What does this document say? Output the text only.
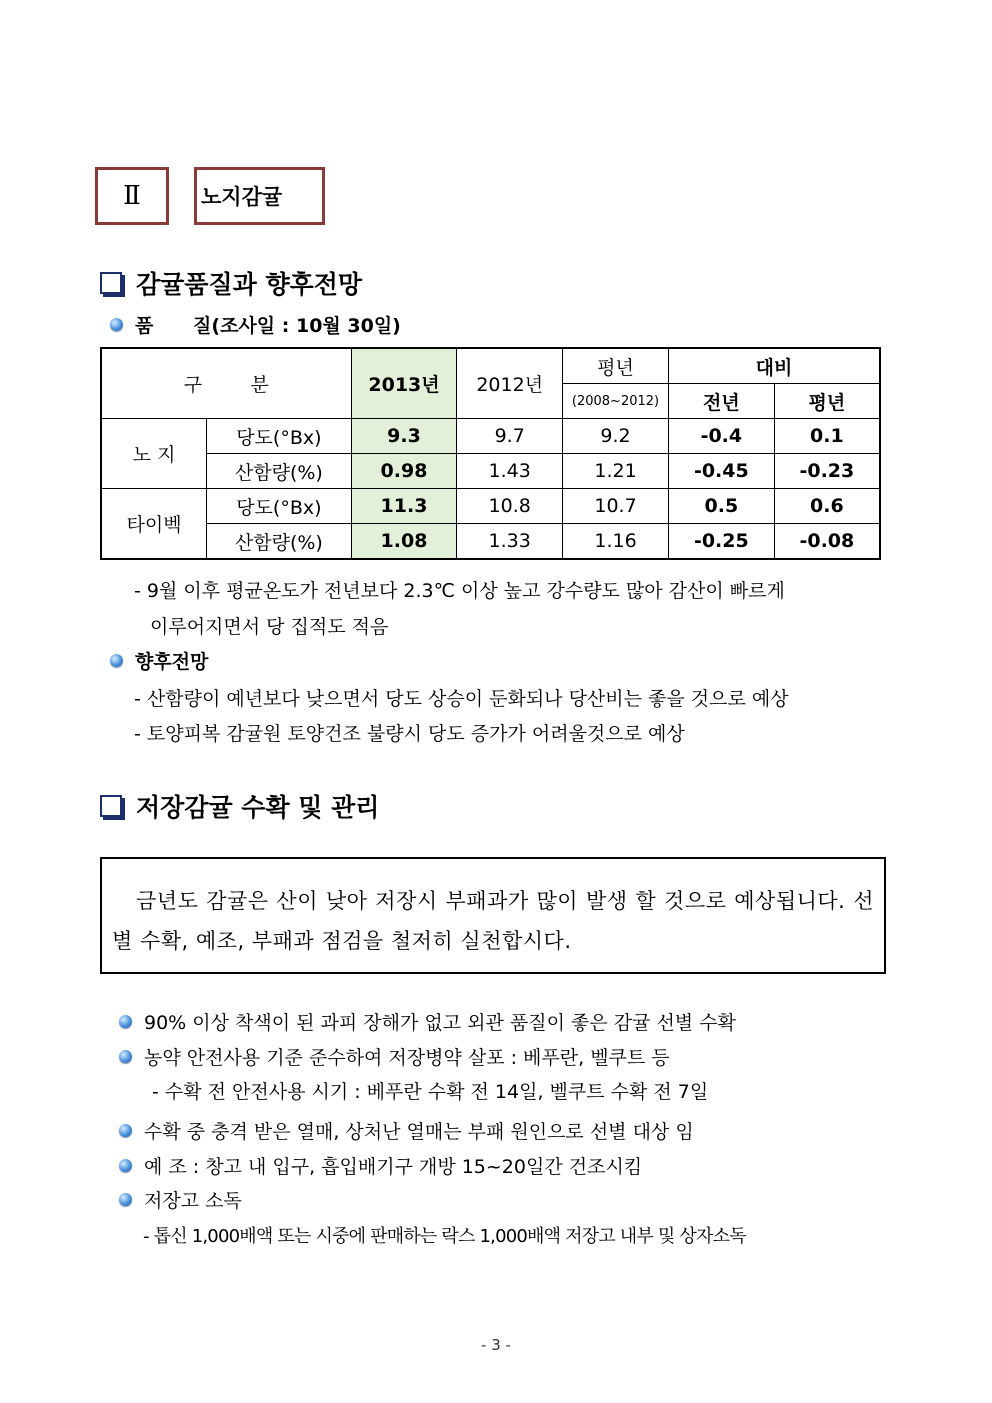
Ⅱ	노지감귤
감귤품질과 향후전망
품      질(조사일 : 10월 30일)
구        분		2013년	2012년	평년	대비	
				(2008~2012)	전년	평년
노 지	당도(°Bx)	9.3	9.7	9.2	-0.4	0.1
	산함량(%)	0.98	1.43	1.21	-0.45	-0.23
타이벡	당도(°Bx)	11.3	10.8	10.7	0.5	0.6
	산함량(%)	1.08	1.33	1.16	-0.25	-0.08
- 9월 이후 평균온도가 전년보다 2.3℃ 이상 높고 강수량도 많아 감산이 빠르게
이루어지면서 당 집적도 적음
향후전망
- 산함량이 예년보다 낮으면서 당도 상승이 둔화되나 당산비는 좋을 것으로 예상
- 토양피복 감귤원 토양건조 불량시 당도 증가가 어려울것으로 예상
저장감귤 수확 및 관리
금년도 감귤은 산이 낮아 저장시 부패과가 많이 발생 할 것으로 예상됩니다. 선별 수확, 예조, 부패과 점검을 철저히 실천합시다.
90% 이상 착색이 된 과피 장해가 없고 외관 품질이 좋은 감귤 선별 수확
농약 안전사용 기준 준수하여 저장병약 살포 : 베푸란, 벨쿠트 등
- 수확 전 안전사용 시기 : 베푸란 수확 전 14일, 벨쿠트 수확 전 7일
수확 중 충격 받은 열매, 상처난 열매는 부패 원인으로 선별 대상 임
예 조 : 창고 내 입구, 흡입배기구 개방 15~20일간 건조시킴
저장고 소독
- 톱신 1,000배액 또는 시중에 판매하는 락스 1,000배액 저장고 내부 및 상자소독
- 3 -
